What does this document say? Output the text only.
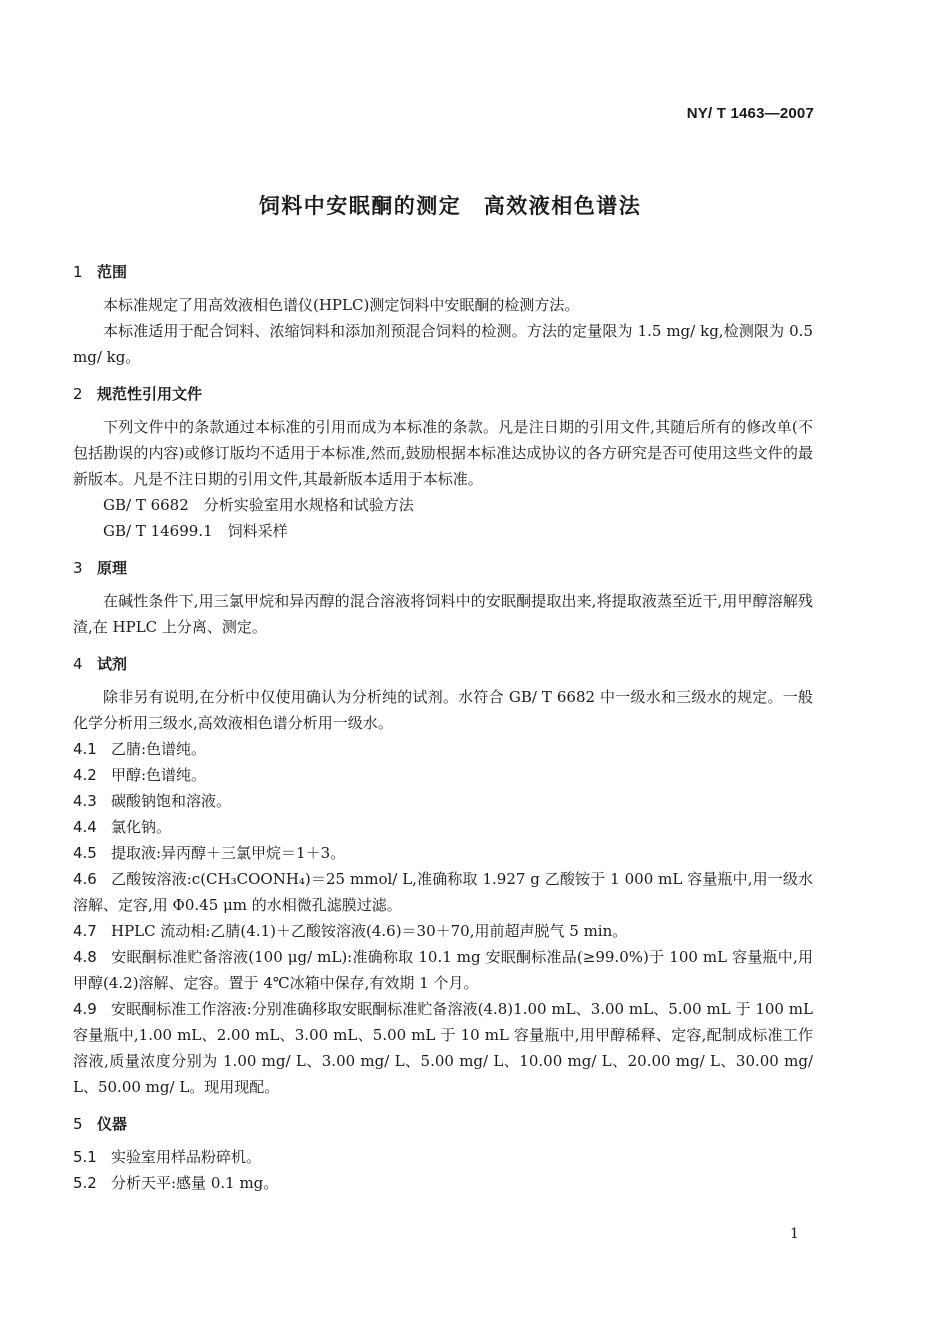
NY/ T 1463—2007
饲料中安眠酮的测定　高效液相色谱法
1 范围

本标准规定了用高效液相色谱仪(HPLC)测定饲料中安眠酮的检测方法。

本标准适用于配合饲料、浓缩饲料和添加剂预混合饲料的检测。方法的定量限为 1.5 mg/ kg,检测限为 0.5 mg/ kg。

2 规范性引用文件

下列文件中的条款通过本标准的引用而成为本标准的条款。凡是注日期的引用文件,其随后所有的修改单(不包括勘误的内容)或修订版均不适用于本标准,然而,鼓励根据本标准达成协议的各方研究是否可使用这些文件的最新版本。凡是不注日期的引用文件,其最新版本适用于本标准。

GB/ T 6682　分析实验室用水规格和试验方法

GB/ T 14699.1　饲料采样

3 原理

在碱性条件下,用三氯甲烷和异丙醇的混合溶液将饲料中的安眠酮提取出来,将提取液蒸至近干,用甲醇溶解残渣,在 HPLC 上分离、测定。

4 试剂

除非另有说明,在分析中仅使用确认为分析纯的试剂。水符合 GB/ T 6682 中一级水和三级水的规定。一般化学分析用三级水,高效液相色谱分析用一级水。

4.1 乙腈:色谱纯。

4.2 甲醇:色谱纯。

4.3 碳酸钠饱和溶液。

4.4 氯化钠。

4.5 提取液:异丙醇＋三氯甲烷＝1＋3。

4.6 乙酸铵溶液:c(CH₃COONH₄)＝25 mmol/ L,准确称取 1.927 g 乙酸铵于 1 000 mL 容量瓶中,用一级水溶解、定容,用 Φ0.45 μm 的水相微孔滤膜过滤。

4.7 HPLC 流动相:乙腈(4.1)＋乙酸铵溶液(4.6)＝30＋70,用前超声脱气 5 min。

4.8 安眠酮标准贮备溶液(100 μg/ mL):准确称取 10.1 mg 安眠酮标准品(≥99.0%)于 100 mL 容量瓶中,用甲醇(4.2)溶解、定容。置于 4℃冰箱中保存,有效期 1 个月。

4.9 安眠酮标准工作溶液:分别准确移取安眠酮标准贮备溶液(4.8)1.00 mL、3.00 mL、5.00 mL 于 100 mL 容量瓶中,1.00 mL、2.00 mL、3.00 mL、5.00 mL 于 10 mL 容量瓶中,用甲醇稀释、定容,配制成标准工作溶液,质量浓度分别为 1.00 mg/ L、3.00 mg/ L、5.00 mg/ L、10.00 mg/ L、20.00 mg/ L、30.00 mg/ L、50.00 mg/ L。现用现配。

5 仪器

5.1 实验室用样品粉碎机。

5.2 分析天平:感量 0.1 mg。

1
